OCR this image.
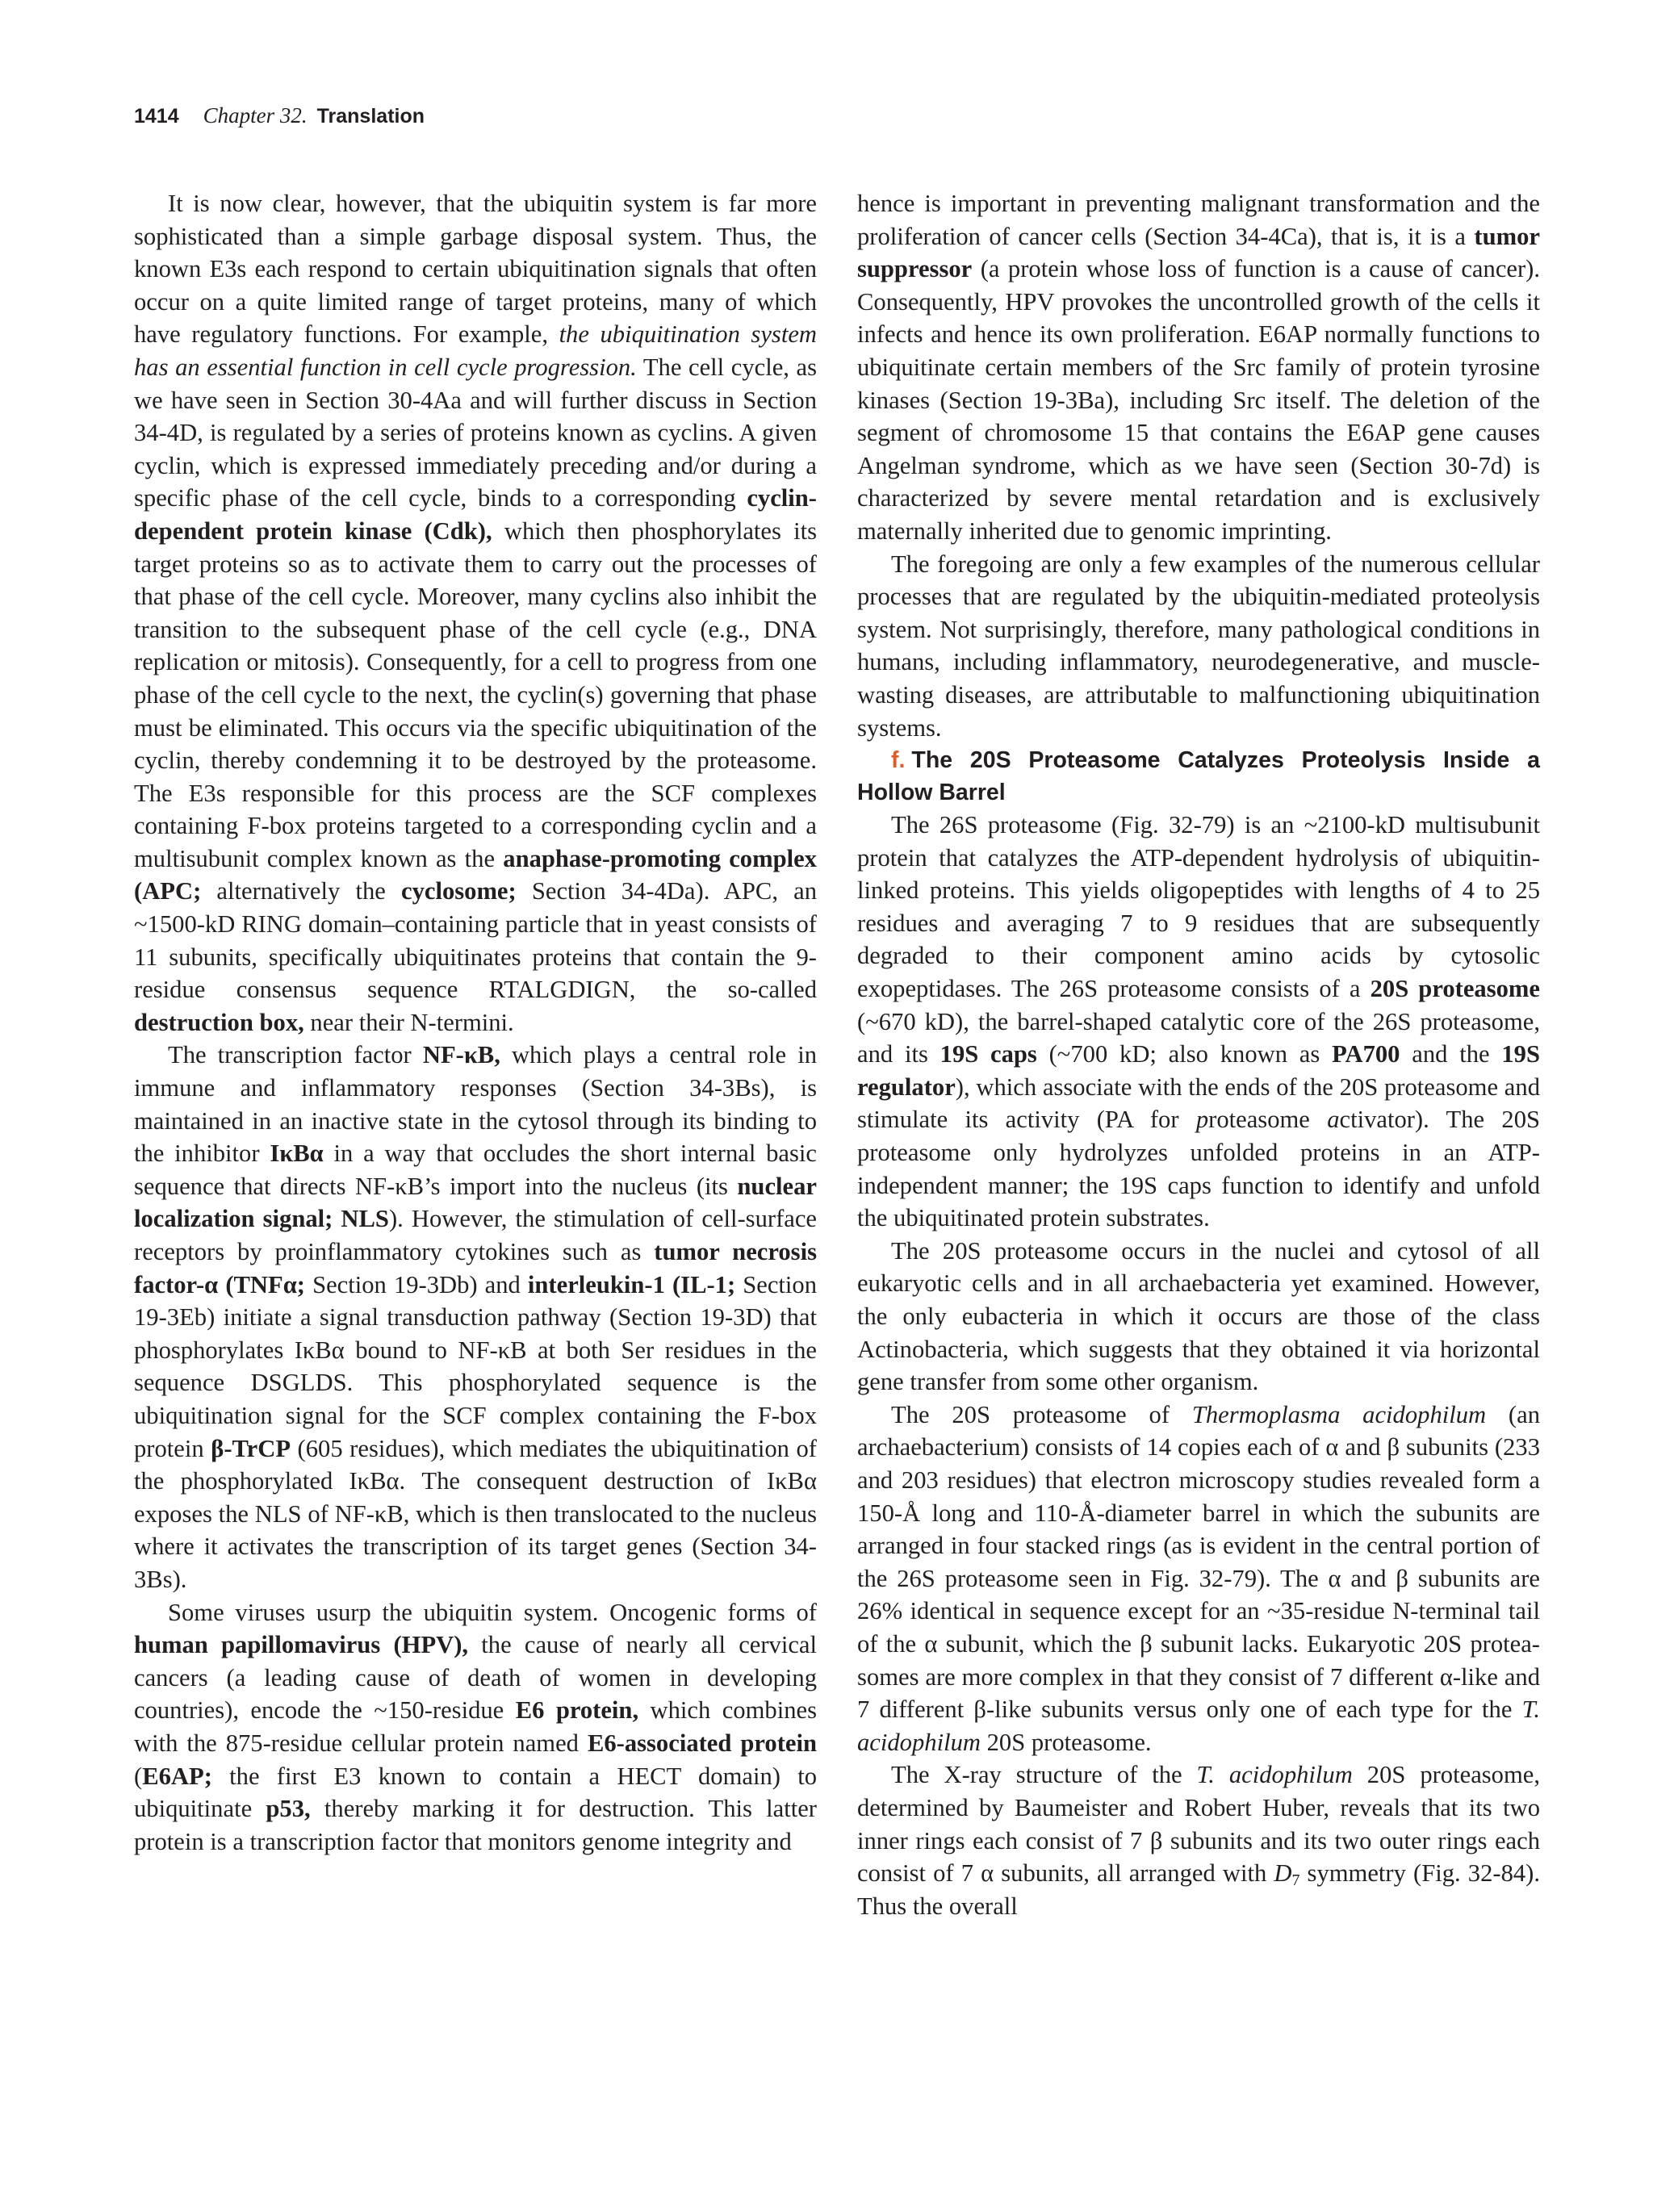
1414 Chapter 32. Translation

It is now clear, however, that the ubiquitin system is far more sophisticated than a simple garbage disposal system. Thus, the known E3s each respond to certain ubiquitination signals that often occur on a quite limited range of target proteins, many of which have regulatory functions. For example, the ubiquitination system has an essential function in cell cycle progression. The cell cycle, as we have seen in Section 30-4Aa and will further discuss in Section 34-4D, is regulated by a series of proteins known as cyclins. A given cyclin, which is expressed immediately preceding and/or during a specific phase of the cell cycle, binds to a corresponding cyclin-dependent protein kinase (Cdk), which then phosphorylates its target proteins so as to activate them to carry out the processes of that phase of the cell cycle. Moreover, many cyclins also inhibit the transition to the subsequent phase of the cell cycle (e.g., DNA replication or mitosis). Consequently, for a cell to progress from one phase of the cell cycle to the next, the cyclin(s) governing that phase must be eliminated. This occurs via the specific ubiquitination of the cyclin, thereby condemning it to be destroyed by the proteasome. The E3s responsible for this process are the SCF complexes containing F-box proteins targeted to a corresponding cyclin and a multisubunit complex known as the anaphase-promoting complex (APC; alternatively the cyclosome; Section 34-4Da). APC, an ~1500-kD RING domain–containing particle that in yeast consists of 11 subunits, specifically ubiquitinates proteins that contain the 9-residue consensus sequence RTALGDIGN, the so-called destruction box, near their N-termini.

The transcription factor NF-κB, which plays a central role in immune and inflammatory responses (Section 34-3Bs), is maintained in an inactive state in the cytosol through its binding to the inhibitor IκBα in a way that occludes the short internal basic sequence that directs NF-κB’s import into the nucleus (its nuclear localization signal; NLS). However, the stimulation of cell-surface receptors by proinflammatory cytokines such as tumor necrosis factor-α (TNFα; Section 19-3Db) and interleukin-1 (IL-1; Section 19-3Eb) initiate a signal transduction pathway (Section 19-3D) that phosphorylates IκBα bound to NF-κB at both Ser residues in the sequence DSGLDS. This phosphorylated sequence is the ubiquitination signal for the SCF complex containing the F-box protein β-TrCP (605 residues), which mediates the ubiquitination of the phosphorylated IκBα. The consequent destruction of IκBα exposes the NLS of NF-κB, which is then translocated to the nucleus where it activates the transcription of its target genes (Section 34-3Bs).

Some viruses usurp the ubiquitin system. Oncogenic forms of human papillomavirus (HPV), the cause of nearly all cervical cancers (a leading cause of death of women in developing countries), encode the ~150-residue E6 protein, which combines with the 875-residue cellular protein named E6-associated protein (E6AP; the first E3 known to contain a HECT domain) to ubiquitinate p53, thereby marking it for destruction. This latter protein is a transcription factor that monitors genome integrity and

hence is important in preventing malignant transformation and the proliferation of cancer cells (Section 34-4Ca), that is, it is a tumor suppressor (a protein whose loss of function is a cause of cancer). Consequently, HPV provokes the uncontrolled growth of the cells it infects and hence its own proliferation. E6AP normally functions to ubiquitinate certain members of the Src family of protein tyrosine kinases (Section 19-3Ba), including Src itself. The deletion of the segment of chromosome 15 that contains the E6AP gene causes Angelman syndrome, which as we have seen (Section 30-7d) is characterized by severe mental retardation and is exclusively maternally inherited due to genomic imprinting.

The foregoing are only a few examples of the numerous cellular processes that are regulated by the ubiquitin-mediated proteolysis system. Not surprisingly, therefore, many pathological conditions in humans, including inflammatory, neurodegenerative, and muscle-wasting diseases, are attributable to malfunctioning ubiquitination systems.

f. The 20S Proteasome Catalyzes Proteolysis Inside a Hollow Barrel

The 26S proteasome (Fig. 32-79) is an ~2100-kD multisubunit protein that catalyzes the ATP-dependent hydrolysis of ubiquitin-linked proteins. This yields oligopeptides with lengths of 4 to 25 residues and averaging 7 to 9 residues that are subsequently degraded to their component amino acids by cytosolic exopeptidases. The 26S proteasome consists of a 20S proteasome (~670 kD), the barrel-shaped catalytic core of the 26S proteasome, and its 19S caps (~700 kD; also known as PA700 and the 19S regulator), which associate with the ends of the 20S proteasome and stimulate its activity (PA for proteasome activator). The 20S proteasome only hydrolyzes unfolded proteins in an ATP-independent manner; the 19S caps function to identify and unfold the ubiquitinated protein substrates.

The 20S proteasome occurs in the nuclei and cytosol of all eukaryotic cells and in all archaebacteria yet examined. However, the only eubacteria in which it occurs are those of the class Actinobacteria, which suggests that they obtained it via horizontal gene transfer from some other organism.

The 20S proteasome of Thermoplasma acidophilum (an archaebacterium) consists of 14 copies each of α and β subunits (233 and 203 residues) that electron microscopy studies revealed form a 150-Å long and 110-Å-diameter barrel in which the subunits are arranged in four stacked rings (as is evident in the central portion of the 26S proteasome seen in Fig. 32-79). The α and β subunits are 26% identical in sequence except for an ~35-residue N-terminal tail of the α subunit, which the β subunit lacks. Eukaryotic 20S proteasomes are more complex in that they consist of 7 different α-like and 7 different β-like subunits versus only one of each type for the T. acidophilum 20S proteasome.

The X-ray structure of the T. acidophilum 20S proteasome, determined by Baumeister and Robert Huber, reveals that its two inner rings each consist of 7 β subunits and its two outer rings each consist of 7 α subunits, all arranged with $D_7$ symmetry (Fig. 32-84). Thus the overall
